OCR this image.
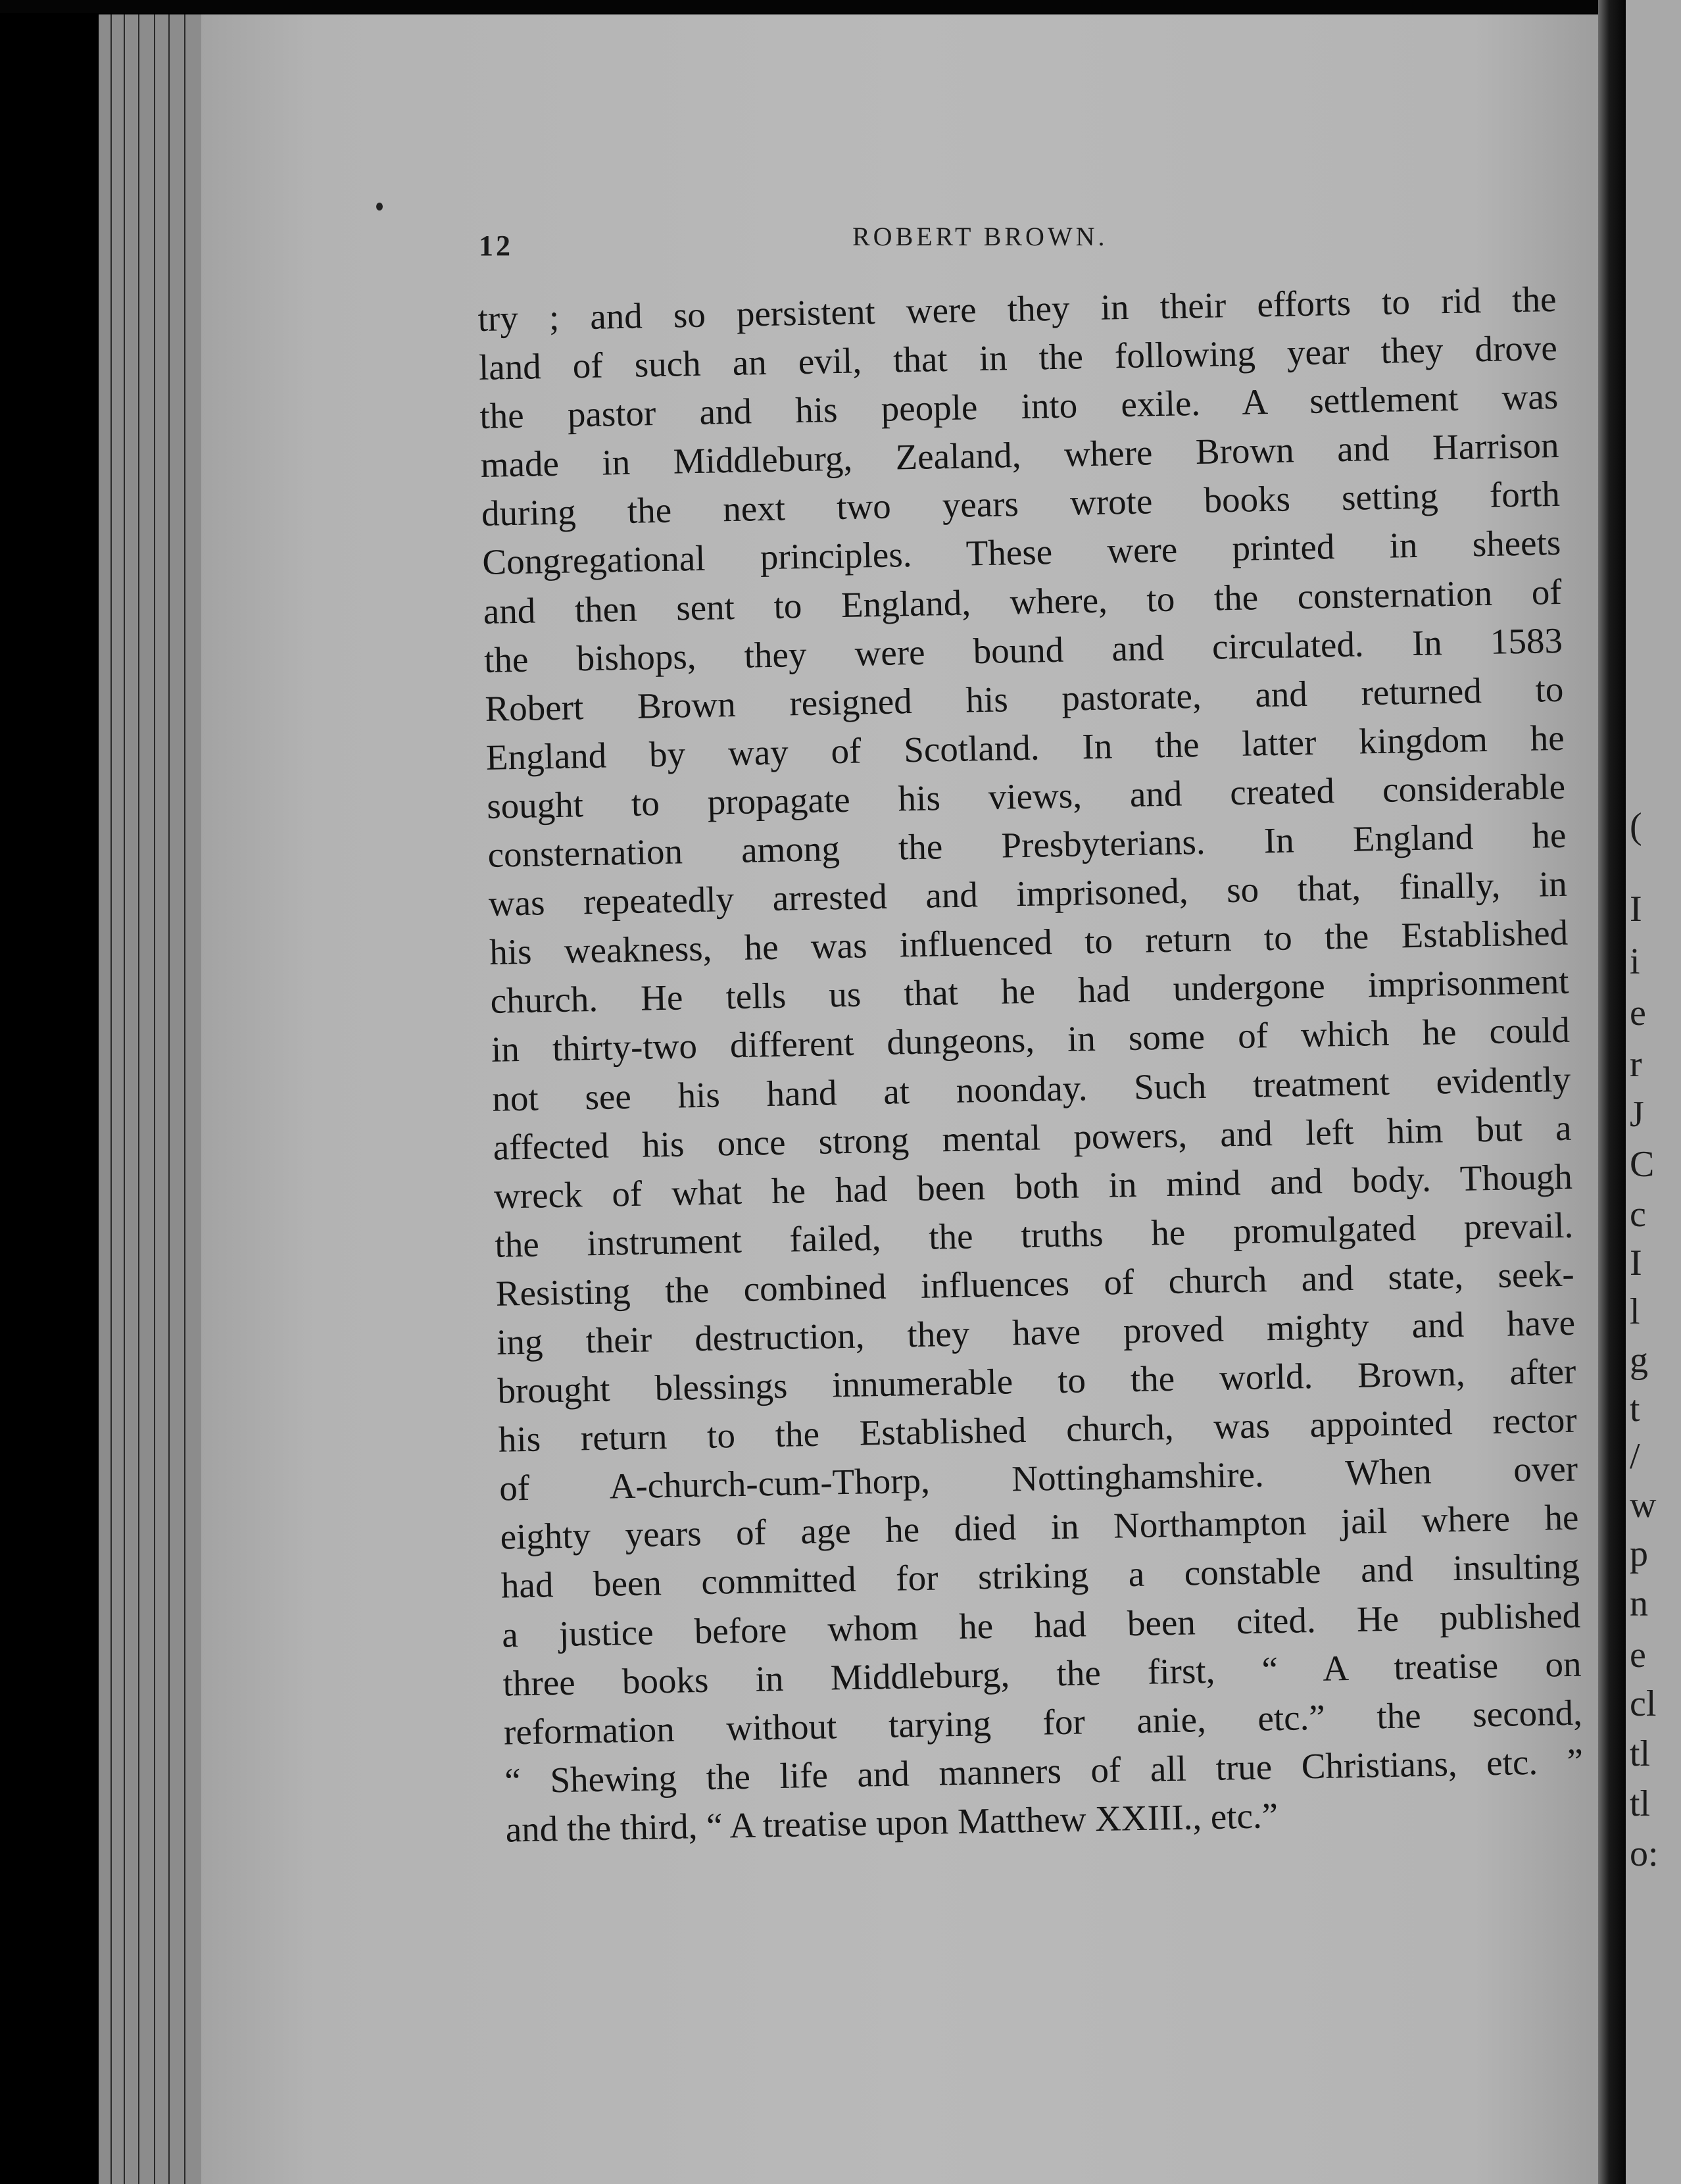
12	ROBERT BROWN.
try ; and so persistent were they in their efforts to rid the
land of such an evil, that in the following year they drove
the pastor and his people into exile. A settlement was
made in Middleburg, Zealand, where Brown and Harrison
during the next two years wrote books setting forth
Congregational principles. These were printed in sheets
and then sent to England, where, to the consternation of
the bishops, they were bound and circulated. In 1583
Robert Brown resigned his pastorate, and returned to
England by way of Scotland. In the latter kingdom he
sought to propagate his views, and created considerable
consternation among the Presbyterians. In England he
was repeatedly arrested and imprisoned, so that, finally, in
his weakness, he was influenced to return to the Established
church. He tells us that he had undergone imprisonment
in thirty-two different dungeons, in some of which he could
not see his hand at noonday. Such treatment evidently
affected his once strong mental powers, and left him but a
wreck of what he had been both in mind and body. Though
the instrument failed, the truths he promulgated prevail.
Resisting the combined influences of church and state, seek-
ing their destruction, they have proved mighty and have
brought blessings innumerable to the world. Brown, after
his return to the Established church, was appointed rector
of A-church-cum-Thorp, Nottinghamshire. When over
eighty years of age he died in Northampton jail where he
had been committed for striking a constable and insulting
a justice before whom he had been cited. He published
three books in Middleburg, the first, “ A treatise on
reformation without tarying for anie, etc.” the second,
“ Shewing the life and manners of all true Christians, etc. ”
and the third, “ A treatise upon Matthew XXIII., etc.”
(
I
i
e
r
J
C
c
I
l
g
t
/
w
p
n
e
cl
tl
tl
o:
